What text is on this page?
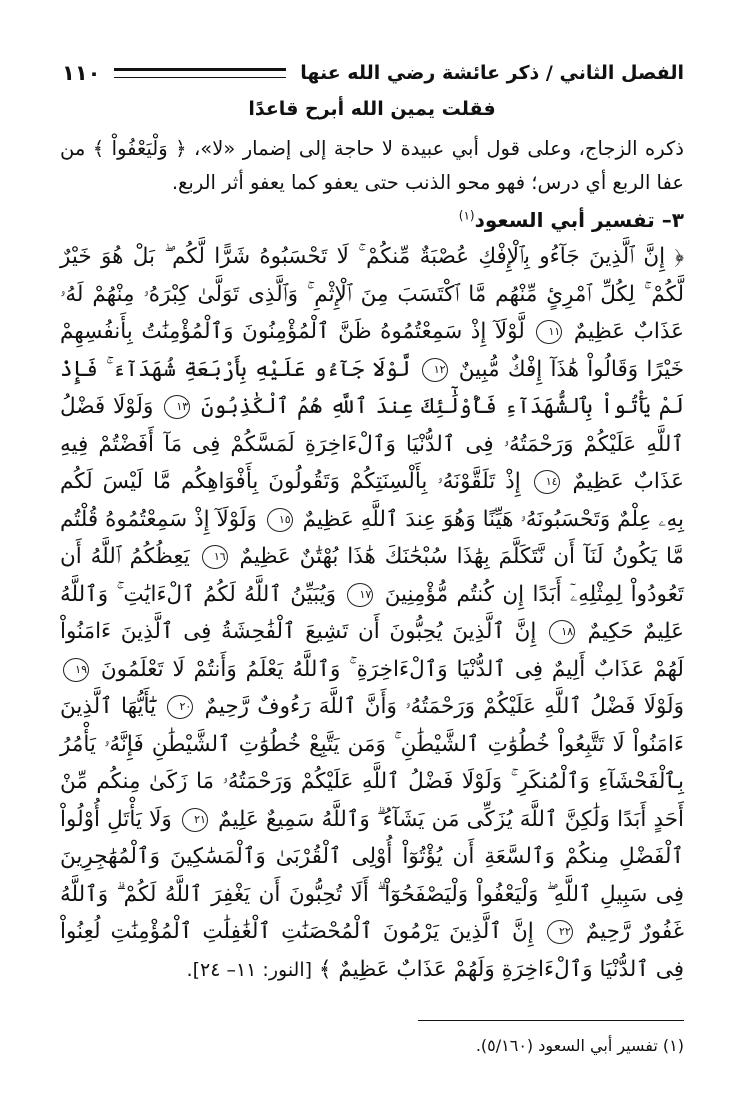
١١٠	الفصل الثاني / ذكر عائشة رضي الله عنها
فقلت يمين الله أبرح قاعدًا

ذكره الزجاج، وعلى قول أبي عبيدة لا حاجة إلى إضمار «لا»، ﴿ وَلْيَعْفُواْ ﴾ من عفا الربع أي درس؛ فهو محو الذنب حتى يعفو كما يعفو أثر الربع.

٣– تفسير أبي السعود$^{(١)}$

﴿ إِنَّ ٱلَّذِينَ جَآءُو بِٱلْإِفْكِ عُصْبَةٌ مِّنكُمْ ۚ لَا تَحْسَبُوهُ شَرًّا لَّكُم ۖ بَلْ هُوَ خَيْرٌ لَّكُمْ ۚ لِكُلِّ ٱمْرِئٍ مِّنْهُم مَّا ٱكْتَسَبَ مِنَ ٱلْإِثْمِ ۚ وَٱلَّذِى تَوَلَّىٰ كِبْرَهُۥ مِنْهُمْ لَهُۥ عَذَابٌ عَظِيمٌ ١١ لَّوْلَآ إِذْ سَمِعْتُمُوهُ ظَنَّ ٱلْمُؤْمِنُونَ وَٱلْمُؤْمِنَٰتُ بِأَنفُسِهِمْ خَيْرًا وَقَالُواْ هَٰذَآ إِفْكٌ مُّبِينٌ ١٢ لَّوْلَا جَآءُو عَلَيْهِ بِأَرْبَعَةِ شُهَدَآءَ ۚ فَإِذْ لَمْ يَأْتُواْ بِٱلشُّهَدَآءِ فَأُوْلَٰٓئِكَ عِندَ ٱللَّهِ هُمُ ٱلْكَٰذِبُونَ ١٣ وَلَوْلَا فَضْلُ ٱللَّهِ عَلَيْكُمْ وَرَحْمَتُهُۥ فِى ٱلدُّنْيَا وَٱلْءَاخِرَةِ لَمَسَّكُمْ فِى مَآ أَفَضْتُمْ فِيهِ عَذَابٌ عَظِيمٌ ١٤ إِذْ تَلَقَّوْنَهُۥ بِأَلْسِنَتِكُمْ وَتَقُولُونَ بِأَفْوَاهِكُم مَّا لَيْسَ لَكُم بِهِۦ عِلْمٌ وَتَحْسَبُونَهُۥ هَيِّنًا وَهُوَ عِندَ ٱللَّهِ عَظِيمٌ ١٥ وَلَوْلَآ إِذْ سَمِعْتُمُوهُ قُلْتُم مَّا يَكُونُ لَنَآ أَن نَّتَكَلَّمَ بِهَٰذَا سُبْحَٰنَكَ هَٰذَا بُهْتَٰنٌ عَظِيمٌ ١٦ يَعِظُكُمُ ٱللَّهُ أَن تَعُودُواْ لِمِثْلِهِۦٓ أَبَدًا إِن كُنتُم مُّؤْمِنِينَ ١٧ وَيُبَيِّنُ ٱللَّهُ لَكُمُ ٱلْءَايَٰتِ ۚ وَٱللَّهُ عَلِيمٌ حَكِيمٌ ١٨ إِنَّ ٱلَّذِينَ يُحِبُّونَ أَن تَشِيعَ ٱلْفَٰحِشَةُ فِى ٱلَّذِينَ ءَامَنُواْ لَهُمْ عَذَابٌ أَلِيمٌ فِى ٱلدُّنْيَا وَٱلْءَاخِرَةِ ۚ وَٱللَّهُ يَعْلَمُ وَأَنتُمْ لَا تَعْلَمُونَ ١٩ وَلَوْلَا فَضْلُ ٱللَّهِ عَلَيْكُمْ وَرَحْمَتُهُۥ وَأَنَّ ٱللَّهَ رَءُوفٌ رَّحِيمٌ ٢٠ يَٰٓأَيُّهَا ٱلَّذِينَ ءَامَنُواْ لَا تَتَّبِعُواْ خُطُوَٰتِ ٱلشَّيْطَٰنِ ۚ وَمَن يَتَّبِعْ خُطُوَٰتِ ٱلشَّيْطَٰنِ فَإِنَّهُۥ يَأْمُرُ بِٱلْفَحْشَآءِ وَٱلْمُنكَرِ ۚ وَلَوْلَا فَضْلُ ٱللَّهِ عَلَيْكُمْ وَرَحْمَتُهُۥ مَا زَكَىٰ مِنكُم مِّنْ أَحَدٍ أَبَدًا وَلَٰكِنَّ ٱللَّهَ يُزَكِّى مَن يَشَآءُ ۗ وَٱللَّهُ سَمِيعٌ عَلِيمٌ ٢١ وَلَا يَأْتَلِ أُوْلُواْ ٱلْفَضْلِ مِنكُمْ وَٱلسَّعَةِ أَن يُؤْتُوٓاْ أُوْلِى ٱلْقُرْبَىٰ وَٱلْمَسَٰكِينَ وَٱلْمُهَٰجِرِينَ فِى سَبِيلِ ٱللَّهِ ۖ وَلْيَعْفُواْ وَلْيَصْفَحُوٓاْ ۗ أَلَا تُحِبُّونَ أَن يَغْفِرَ ٱللَّهُ لَكُمْ ۗ وَٱللَّهُ غَفُورٌ رَّحِيمٌ ٢٢ إِنَّ ٱلَّذِينَ يَرْمُونَ ٱلْمُحْصَنَٰتِ ٱلْغَٰفِلَٰتِ ٱلْمُؤْمِنَٰتِ لُعِنُواْ فِى ٱلدُّنْيَا وَٱلْءَاخِرَةِ وَلَهُمْ عَذَابٌ عَظِيمٌ ﴾ [النور: ١١– ٢٤].

(١) تفسير أبي السعود (٥/١٦٠).
